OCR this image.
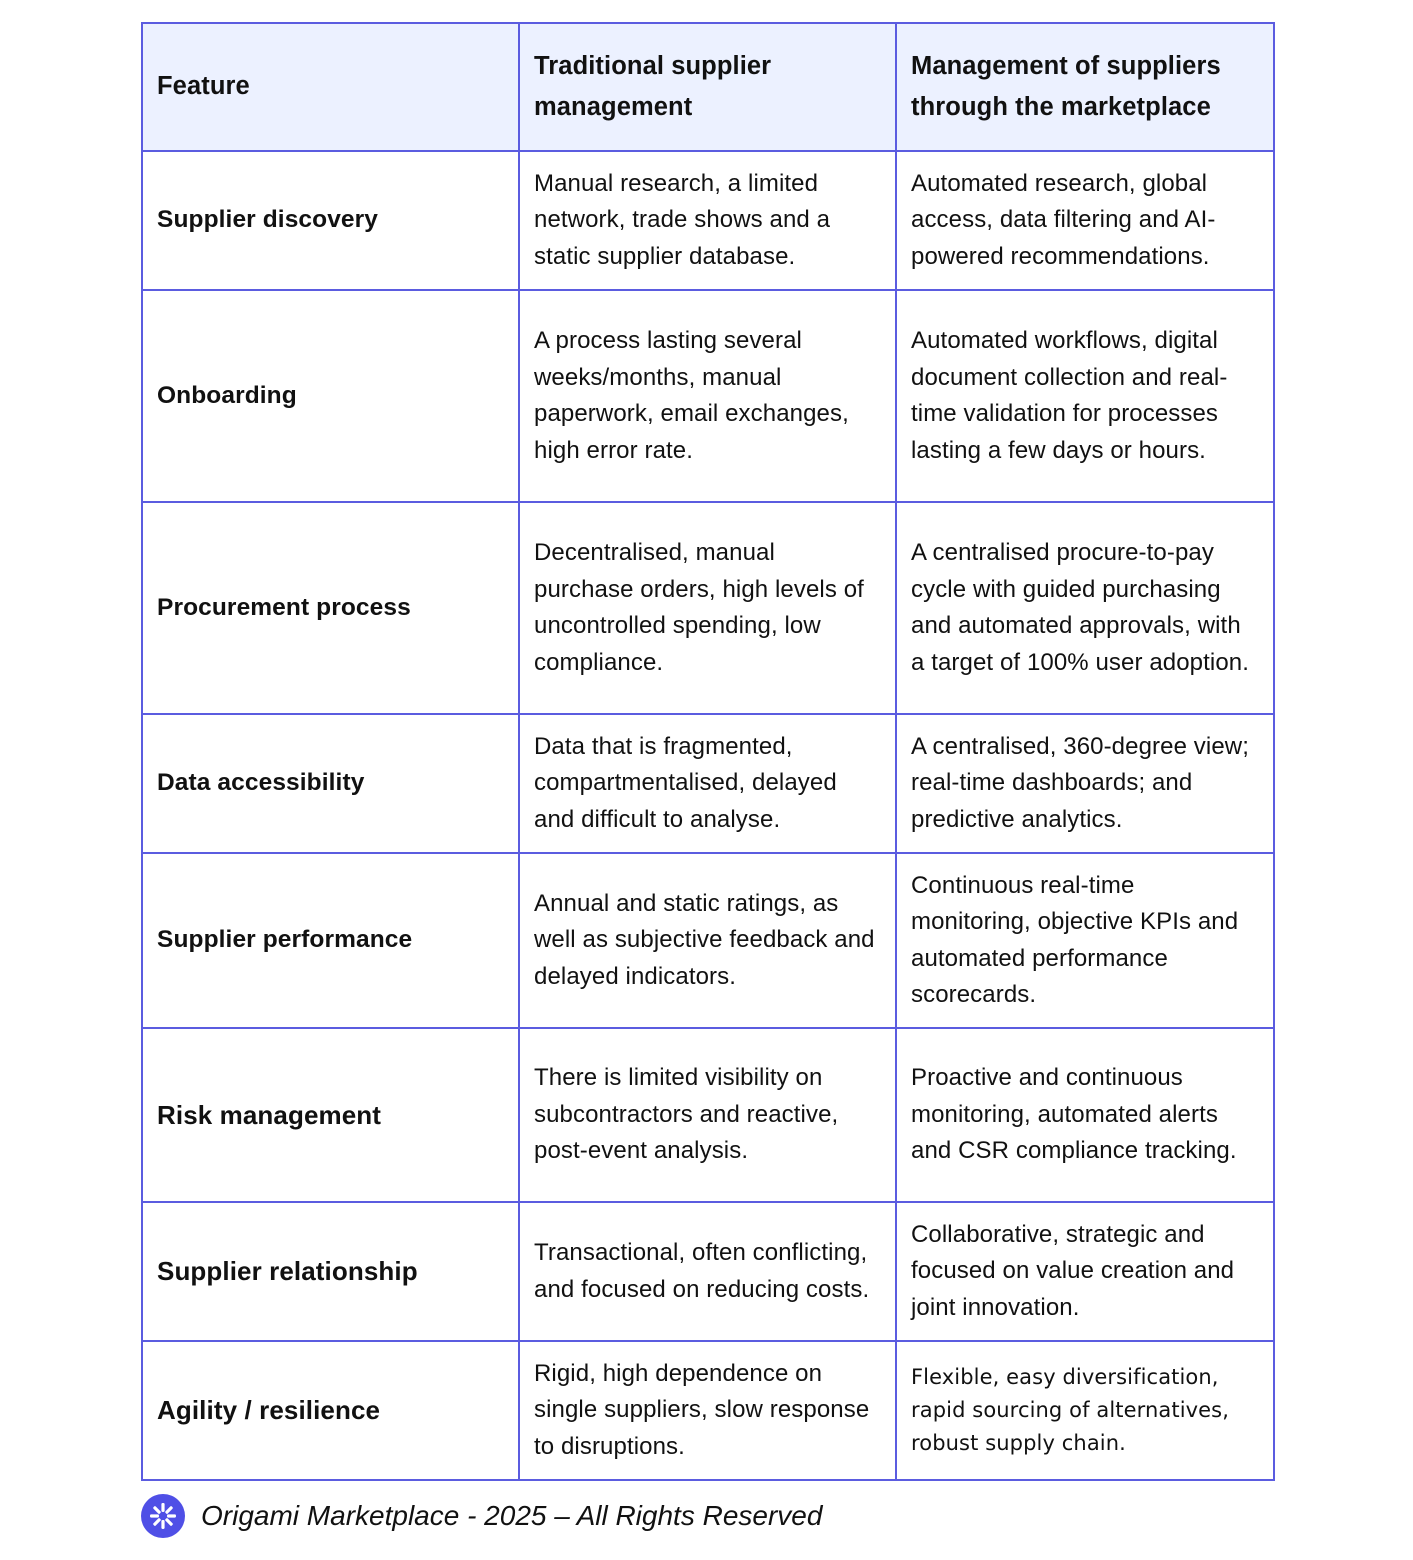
Feature	Traditional supplier management	Management of suppliers through the marketplace
Supplier discovery	Manual research, a limited network, trade shows and a static supplier database.	Automated research, global access, data filtering and AI-powered recommendations.
Onboarding	A process lasting several weeks/months, manual paperwork, email exchanges, high error rate.	Automated workflows, digital document collection and real-time validation for processes lasting a few days or hours.
Procurement process	Decentralised, manual purchase orders, high levels of uncontrolled spending, low compliance.	A centralised procure-to-pay cycle with guided purchasing and automated approvals, with a target of 100% user adoption.
Data accessibility	Data that is fragmented, compartmentalised, delayed and difficult to analyse.	A centralised, 360-degree view; real-time dashboards; and predictive analytics.
Supplier performance	Annual and static ratings, as well as subjective feedback and delayed indicators.	Continuous real-time monitoring, objective KPIs and automated performance scorecards.
Risk management	There is limited visibility on subcontractors and reactive, post-event analysis.	Proactive and continuous monitoring, automated alerts and CSR compliance tracking.
Supplier relationship	Transactional, often conflicting, and focused on reducing costs.	Collaborative, strategic and focused on value creation and joint innovation.
Agility / resilience	Rigid, high dependence on single suppliers, slow response to disruptions.	Flexible, easy diversification, rapid sourcing of alternatives, robust supply chain.
Origami Marketplace - 2025 – All Rights Reserved
